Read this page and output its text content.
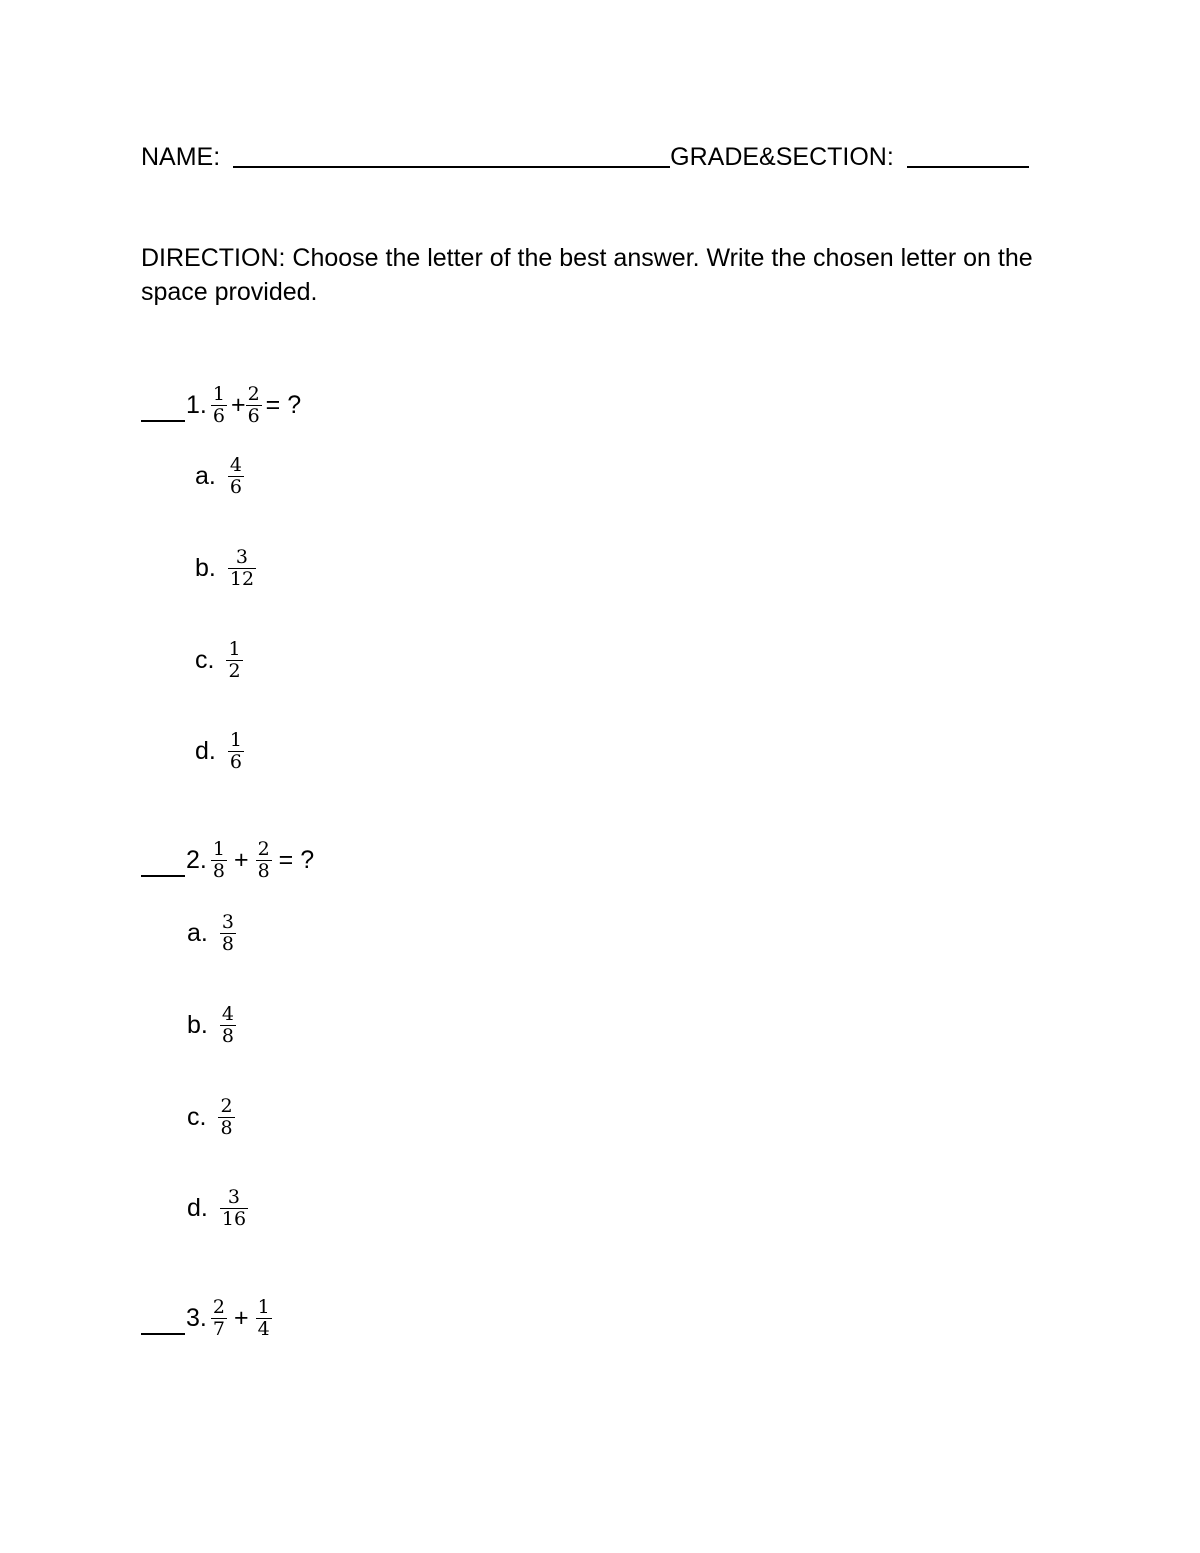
NAME:	GRADE&SECTION:
DIRECTION: Choose the letter of the best answer. Write the chosen letter on the space provided.
1. $\frac{1}{6} + \frac{2}{6}$ = ?
a. $\frac{4}{6}$
b. $\frac{3}{12}$
c. $\frac{1}{2}$
d. $\frac{1}{6}$
2. $\frac{1}{8} + \frac{2}{8}$ = ?
a. $\frac{3}{8}$
b. $\frac{4}{8}$
c. $\frac{2}{8}$
d. $\frac{3}{16}$
3. $\frac{2}{7} + \frac{1}{4}$
